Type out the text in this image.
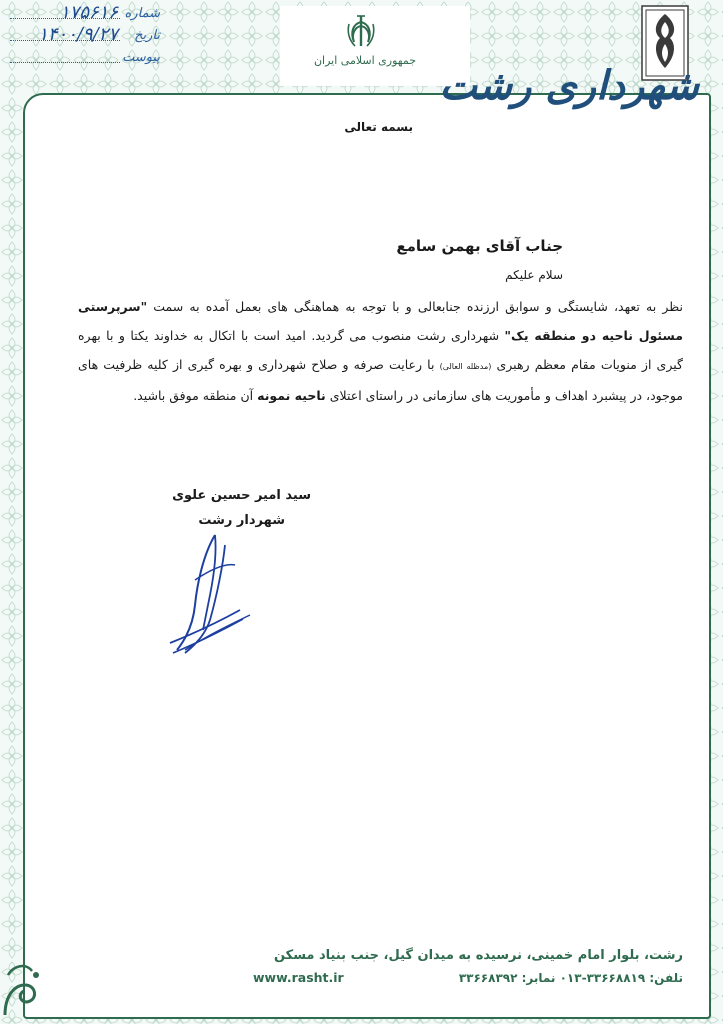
جمهوری اسلامی ایران
شهرداری رشت
شماره
۱۷۵۶۱۶
تاریخ
۱۴۰۰/۹/۲۷
پیوست
بسمه تعالی
جناب آقای بهمن سامع
سلام علیکم
نظر به تعهد، شایستگی و سوابق ارزنده جنابعالی و با توجه به هماهنگی های بعمل آمده به سمت "سرپرستی مسئول ناحیه دو منطقه یک" شهرداری رشت منصوب می گردید. امید است با اتکال به خداوند یکتا و با بهره گیری از منویات مقام معظم رهبری (مدظله العالی) با رعایت صرفه و صلاح شهرداری و بهره گیری از کلیه ظرفیت های موجود، در پیشبرد اهداف و مأموریت های سازمانی در راستای اعتلای ناحیه نمونه آن منطقه موفق باشید.
سید امیر حسین علوی
شهردار رشت
رشت، بلوار امام خمینی، نرسیده به میدان گیل، جنب بنیاد مسکن
تلفن: ۳۳۶۶۸۸۱۹-۰۱۳ نمابر: ۳۳۶۶۸۳۹۲
www.rasht.ir
